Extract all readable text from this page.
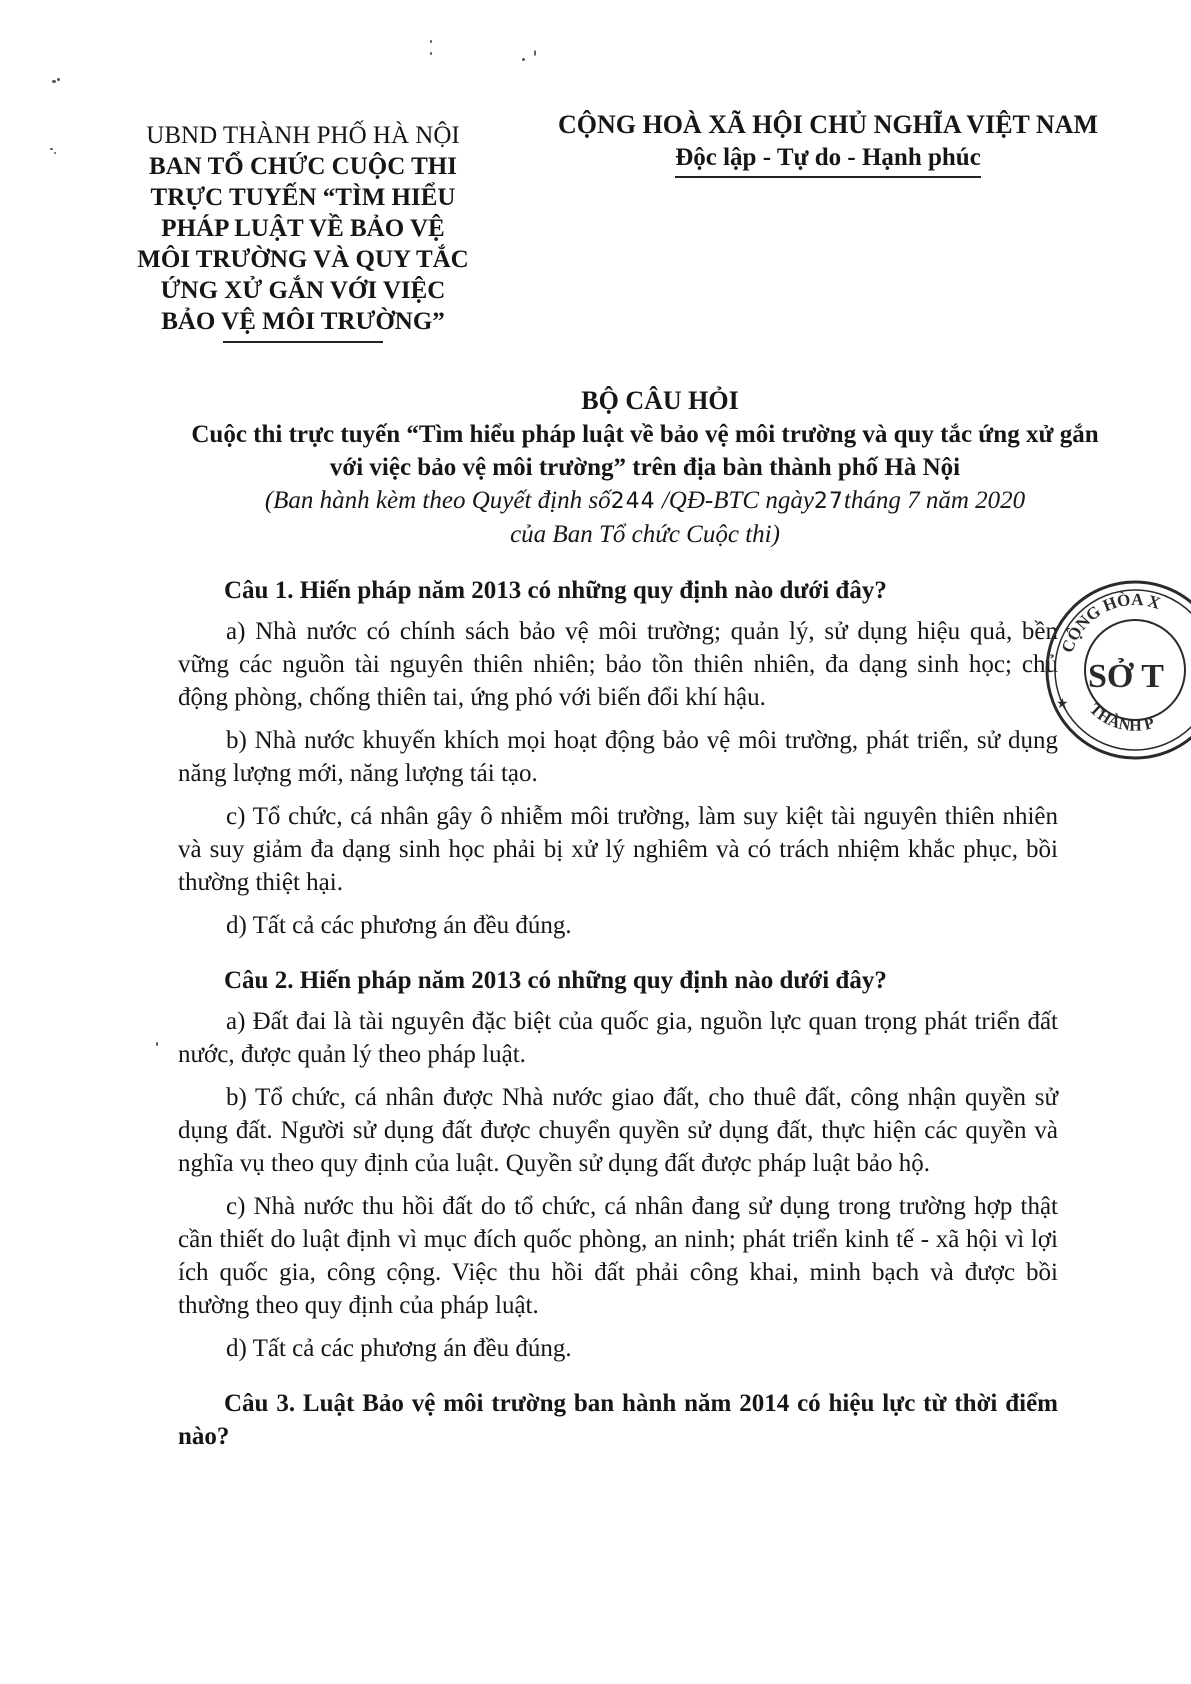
UBND THÀNH PHỐ HÀ NỘI
BAN TỔ CHỨC CUỘC THI
TRỰC TUYẾN “TÌM HIỂU
PHÁP LUẬT VỀ BẢO VỆ
MÔI TRƯỜNG VÀ QUY TẮC
ỨNG XỬ GẮN VỚI VIỆC
BẢO VỆ MÔI TRƯỜNG”
CỘNG HOÀ XÃ HỘI CHỦ NGHĨA VIỆT NAM
Độc lập - Tự do - Hạnh phúc
BỘ CÂU HỎI
Cuộc thi trực tuyến “Tìm hiểu pháp luật về bảo vệ môi trường và quy tắc ứng xử gắn với việc bảo vệ môi trường” trên địa bàn thành phố Hà Nội
(Ban hành kèm theo Quyết định số244 /QĐ-BTC ngày27tháng 7 năm 2020
của Ban Tổ chức Cuộc thi)
Câu 1. Hiến pháp năm 2013 có những quy định nào dưới đây?

a) Nhà nước có chính sách bảo vệ môi trường; quản lý, sử dụng hiệu quả, bền vững các nguồn tài nguyên thiên nhiên; bảo tồn thiên nhiên, đa dạng sinh học; chủ động phòng, chống thiên tai, ứng phó với biến đổi khí hậu.

b) Nhà nước khuyến khích mọi hoạt động bảo vệ môi trường, phát triển, sử dụng năng lượng mới, năng lượng tái tạo.

c) Tổ chức, cá nhân gây ô nhiễm môi trường, làm suy kiệt tài nguyên thiên nhiên và suy giảm đa dạng sinh học phải bị xử lý nghiêm và có trách nhiệm khắc phục, bồi thường thiệt hại.

d) Tất cả các phương án đều đúng.

Câu 2. Hiến pháp năm 2013 có những quy định nào dưới đây?

a) Đất đai là tài nguyên đặc biệt của quốc gia, nguồn lực quan trọng phát triển đất nước, được quản lý theo pháp luật.

b) Tổ chức, cá nhân được Nhà nước giao đất, cho thuê đất, công nhận quyền sử dụng đất. Người sử dụng đất được chuyển quyền sử dụng đất, thực hiện các quyền và nghĩa vụ theo quy định của luật. Quyền sử dụng đất được pháp luật bảo hộ.

c) Nhà nước thu hồi đất do tổ chức, cá nhân đang sử dụng trong trường hợp thật cần thiết do luật định vì mục đích quốc phòng, an ninh; phát triển kinh tế - xã hội vì lợi ích quốc gia, công cộng. Việc thu hồi đất phải công khai, minh bạch và được bồi thường theo quy định của pháp luật.

d) Tất cả các phương án đều đúng.

Câu 3. Luật Bảo vệ môi trường ban hành năm 2014 có hiệu lực từ thời điểm nào?
CỘNG HÒA X
THÀNH P
SỞ T
★
